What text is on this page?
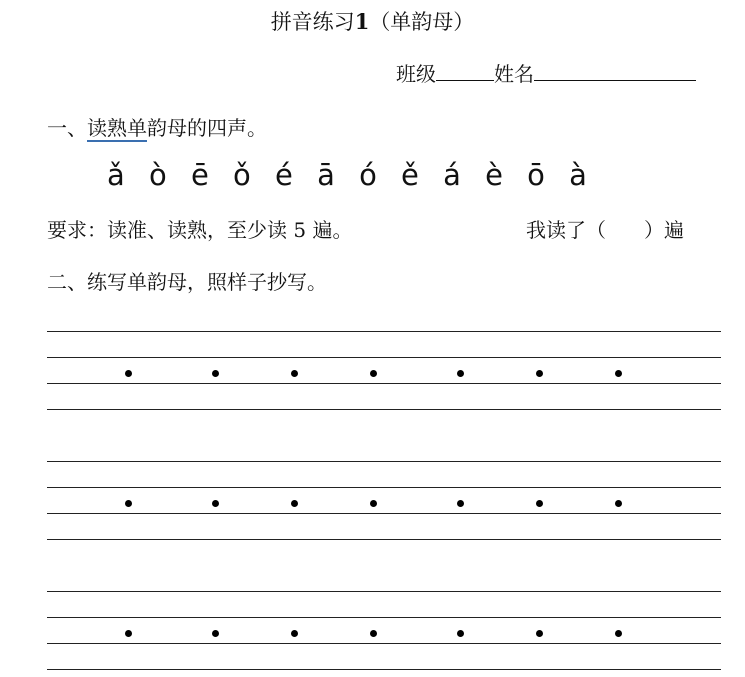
拼音练习1（单韵母）
班级	姓名
一、读熟单韵母的四声。
ǎ ò ē ǒ é ā ó ě á è ō à
要求：读准、读熟，至少读 5 遍。	我读了（ ）遍
二、练写单韵母，照样子抄写。
